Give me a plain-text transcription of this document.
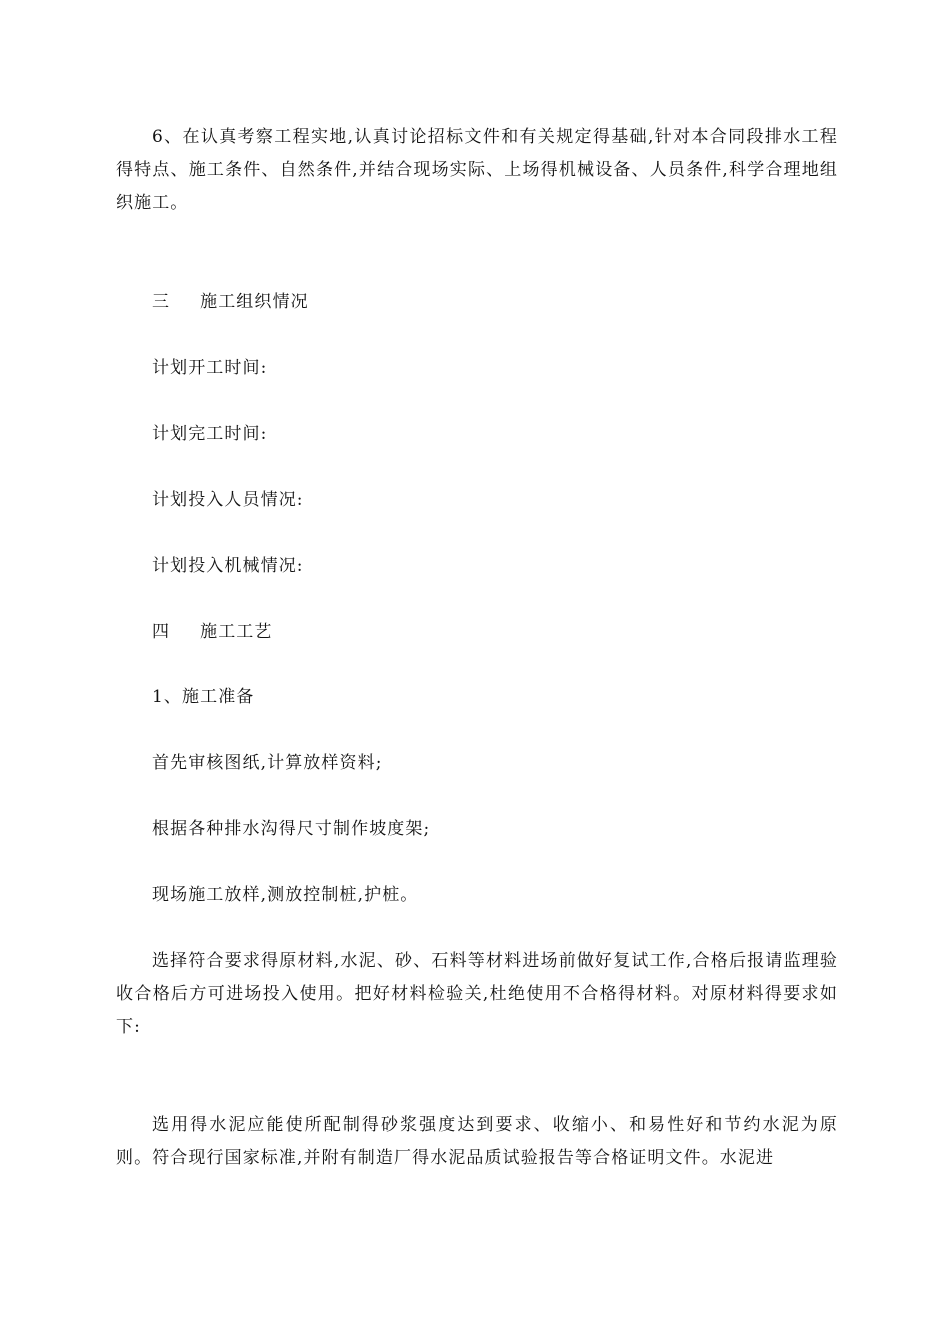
6、在认真考察工程实地,认真讨论招标文件和有关规定得基础,针对本合同段排水工程得特点、施工条件、自然条件,并结合现场实际、上场得机械设备、人员条件,科学合理地组织施工。

三 施工组织情况

计划开工时间:

计划完工时间:

计划投入人员情况:

计划投入机械情况:

四 施工工艺

1、施工准备

首先审核图纸,计算放样资料;

根据各种排水沟得尺寸制作坡度架;

现场施工放样,测放控制桩,护桩。

选择符合要求得原材料,水泥、砂、石料等材料进场前做好复试工作,合格后报请监理验收合格后方可进场投入使用。把好材料检验关,杜绝使用不合格得材料。对原材料得要求如下:

选用得水泥应能使所配制得砂浆强度达到要求、收缩小、和易性好和节约水泥为原则。符合现行国家标准,并附有制造厂得水泥品质试验报告等合格证明文件。水泥进
